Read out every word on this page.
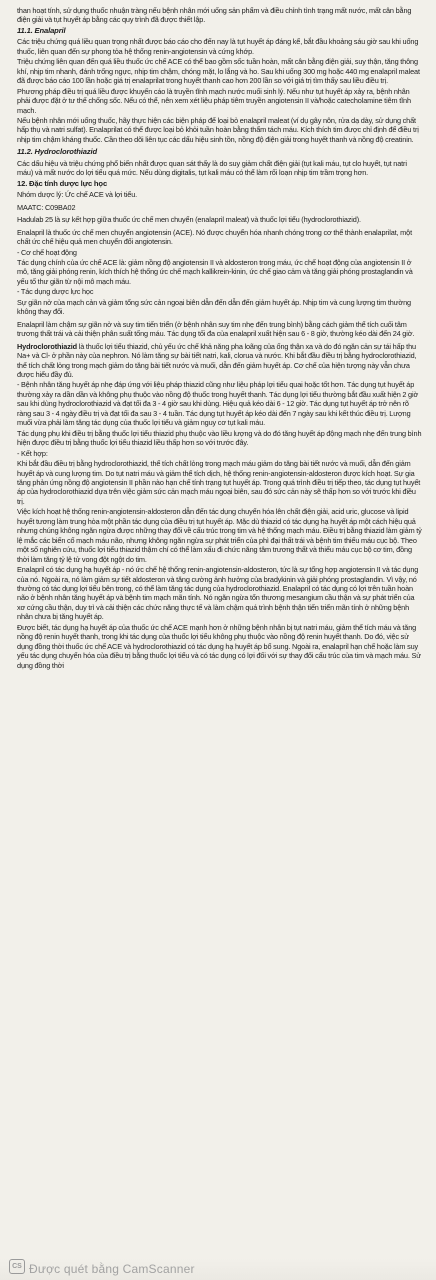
than hoạt tính, sử dụng thuốc nhuận tràng nếu bệnh nhân mới uống sản phẩm và điều chỉnh tình trạng mất nước, mất cân bằng điện giải và tụt huyết áp bằng các quy trình đã được thiết lập.

11.1. Enalapril

Các triệu chứng quá liều quan trọng nhất được báo cáo cho đến nay là tụt huyết áp đáng kể, bắt đầu khoảng sáu giờ sau khi uống thuốc, liên quan đến sự phong tỏa hệ thống renin-angiotensin và cứng khớp.

Triệu chứng liên quan đến quá liều thuốc ức chế ACE có thể bao gồm sốc tuần hoàn, mất cân bằng điện giải, suy thận, tăng thông khí, nhịp tim nhanh, đánh trống ngực, nhịp tim chậm, chóng mặt, lo lắng và ho. Sau khi uống 300 mg hoặc 440 mg enalapril maleat đã được báo cáo 100 lần hoặc giá trị enalaprilat trong huyết thanh cao hơn 200 lần so với giá trị tìm thấy sau liều điều trị.

Phương pháp điều trị quá liều được khuyến cáo là truyền tĩnh mạch nước muối sinh lý. Nếu như tụt huyết áp xảy ra, bệnh nhân phải được đặt ở tư thế chống sốc. Nếu có thể, nên xem xét liệu pháp tiêm truyền angiotensin II và/hoặc catecholamine tiêm tĩnh mạch.

Nếu bệnh nhân mới uống thuốc, hãy thực hiện các biện pháp để loại bỏ enalapril maleat (ví dụ gây nôn, rửa dạ dày, sử dụng chất hấp thụ và natri sulfat). Enalaprilat có thể được loại bỏ khỏi tuần hoàn bằng thẩm tách máu. Kích thích tim được chỉ định để điều trị nhịp tim chậm kháng thuốc. Cần theo dõi liên tục các dấu hiệu sinh tồn, nồng độ điện giải trong huyết thanh và nồng độ creatinin.

11.2. Hydroclorothiazid

Các dấu hiệu và triệu chứng phổ biến nhất được quan sát thấy là do suy giảm chất điện giải (tụt kali máu, tụt clo huyết, tụt natri máu) và mất nước do lợi tiểu quá mức. Nếu dùng digitalis, tụt kali máu có thể làm rối loạn nhịp tim trầm trọng hơn.

12. Đặc tính dược lực học

Nhóm dược lý: Ức chế ACE và lợi tiểu.

MAATC: C09BA02

Hadulab 25 là sự kết hợp giữa thuốc ức chế men chuyển (enalapril maleat) và thuốc lợi tiểu (hydroclorothiazid).

Enalapril là thuốc ức chế men chuyển angiotensin (ACE). Nó được chuyển hóa nhanh chóng trong cơ thể thành enalaprilat, một chất ức chế hiệu quả men chuyển đổi angiotensin.

- Cơ chế hoạt động

Tác dụng chính của ức chế ACE là: giảm nồng độ angiotensin II và aldosteron trong máu, ức chế hoạt động của angiotensin II ở mô, tăng giải phóng renin, kích thích hệ thống ức chế mạch kallikrein-kinin, ức chế giao cảm và tăng giải phóng prostaglandin và yếu tố thư giãn từ nội mô mạch máu.

- Tác dụng dược lực học

Sự giãn nở của mạch cản và giảm tổng sức cản ngoại biên dẫn đến dẫn đến giảm huyết áp. Nhịp tim và cung lượng tim thường không thay đổi.

Enalapril làm chậm sự giãn nở và suy tim tiến triển (ở bệnh nhân suy tim nhẹ đến trung bình) bằng cách giảm thể tích cuối tâm trương thất trái và cải thiện phân suất tống máu. Tác dụng tối đa của enalapril xuất hiện sau 6 - 8 giờ, thường kéo dài đến 24 giờ.

Hydroclorothiazid là thuốc lợi tiểu thiazid, chủ yếu ức chế khả năng pha loãng của ống thận xa và do đó ngăn cản sự tái hấp thu Na+ và Cl- ở phần này của nephron. Nó làm tăng sự bài tiết natri, kali, clorua và nước. Khi bắt đầu điều trị bằng hydroclorothiazid, thể tích chất lỏng trong mạch giảm do tăng bài tiết nước và muối, dẫn đến giảm huyết áp. Cơ chế của hiện tượng này vẫn chưa được hiểu đầy đủ.

- Bệnh nhân tăng huyết áp nhẹ đáp ứng với liệu pháp thiazid cũng như liệu pháp lợi tiểu quai hoặc tốt hơn. Tác dụng tụt huyết áp thường xảy ra dần dần và không phụ thuộc vào nồng độ thuốc trong huyết thanh. Tác dụng lợi tiểu thường bắt đầu xuất hiện 2 giờ sau khi dùng hydroclorothiazid và đạt tối đa 3 - 4 giờ sau khi dùng. Hiệu quả kéo dài 6 - 12 giờ. Tác dụng tụt huyết áp trở nên rõ ràng sau 3 - 4 ngày điều trị và đạt tối đa sau 3 - 4 tuần. Tác dụng tụt huyết áp kéo dài đến 7 ngày sau khi kết thúc điều trị. Lượng muối vừa phải làm tăng tác dụng của thuốc lợi tiểu và giảm nguy cơ tụt kali máu.

Tác dụng phụ khi điều trị bằng thuốc lợi tiểu thiazid phụ thuộc vào liều lượng và do đó tăng huyết áp động mạch nhẹ đến trung bình hiện được điều trị bằng thuốc lợi tiểu thiazid liều thấp hơn so với trước đây.

- Kết hợp:

Khi bắt đầu điều trị bằng hydroclorothiazid, thể tích chất lỏng trong mạch máu giảm do tăng bài tiết nước và muối, dẫn đến giảm huyết áp và cung lượng tim. Do tụt natri máu và giảm thể tích dịch, hệ thống renin-angiotensin-aldosteron được kích hoạt. Sự gia tăng phản ứng nồng độ angiotensin II phần nào hạn chế tính trạng tụt huyết áp. Trong quá trình điều trị tiếp theo, tác dụng tụt huyết áp của hydroclorothiazid dựa trên việc giảm sức cản mạch máu ngoại biên, sau đó sức cản này sẽ thấp hơn so với trước khi điều trị.

Việc kích hoạt hệ thống renin-angiotensin-aldosteron dẫn đến tác dụng chuyển hóa lên chất điện giải, acid uric, glucose và lipid huyết tương làm trung hòa một phần tác dụng của điều trị tụt huyết áp. Mặc dù thiazid có tác dụng hạ huyết áp một cách hiệu quả nhưng chúng không ngăn ngừa được những thay đổi về cấu trúc trong tim và hệ thống mạch máu. Điều trị bằng thiazid làm giảm tỷ lệ mắc các biến cố mạch máu não, nhưng không ngăn ngừa sự phát triển của phì đại thất trái và bệnh tim thiếu máu cục bộ. Theo một số nghiên cứu, thuốc lợi tiểu thiazid thậm chí có thể làm xấu đi chức năng tâm trương thất và thiếu máu cục bộ cơ tim, đồng thời làm tăng tỷ lệ tử vong đột ngột do tim.

Enalapril có tác dụng hạ huyết áp - nó ức chế hệ thống renin-angiotensin-aldosteron, tức là sự tổng hợp angiotensin II và tác dụng của nó. Ngoài ra, nó làm giảm sự tiết aldosteron và tăng cường ảnh hưởng của bradykinin và giải phóng prostaglandin. Vì vậy, nó thường có tác dụng lợi tiểu bên trong, có thể làm tăng tác dụng của hydroclorothiazid. Enalapril có tác dụng có lợi trên tuần hoàn não ở bệnh nhân tăng huyết áp và bệnh tim mạch mãn tính. Nó ngăn ngừa tổn thương mesangium cầu thận và sự phát triển của xơ cứng cầu thận, duy trì và cải thiện các chức năng thực tế và làm chậm quá trình bệnh thận tiến triển mãn tính ở những bệnh nhân chưa bị tăng huyết áp.

Được biết, tác dụng hạ huyết áp của thuốc ức chế ACE mạnh hơn ở những bệnh nhân bị tụt natri máu, giảm thể tích máu và tăng nồng độ renin huyết thanh, trong khi tác dụng của thuốc lợi tiểu không phụ thuộc vào nồng độ renin huyết thanh. Do đó, việc sử dụng đồng thời thuốc ức chế ACE và hydroclorothiazid có tác dụng hạ huyết áp bổ sung. Ngoài ra, enalapril hạn chế hoặc làm suy yếu tác dụng chuyển hóa của điều trị bằng thuốc lợi tiểu và có tác dụng có lợi đối với sự thay đổi cấu trúc của tim và mạch máu. Sử dụng đồng thời

CS Được quét bằng CamScanner
